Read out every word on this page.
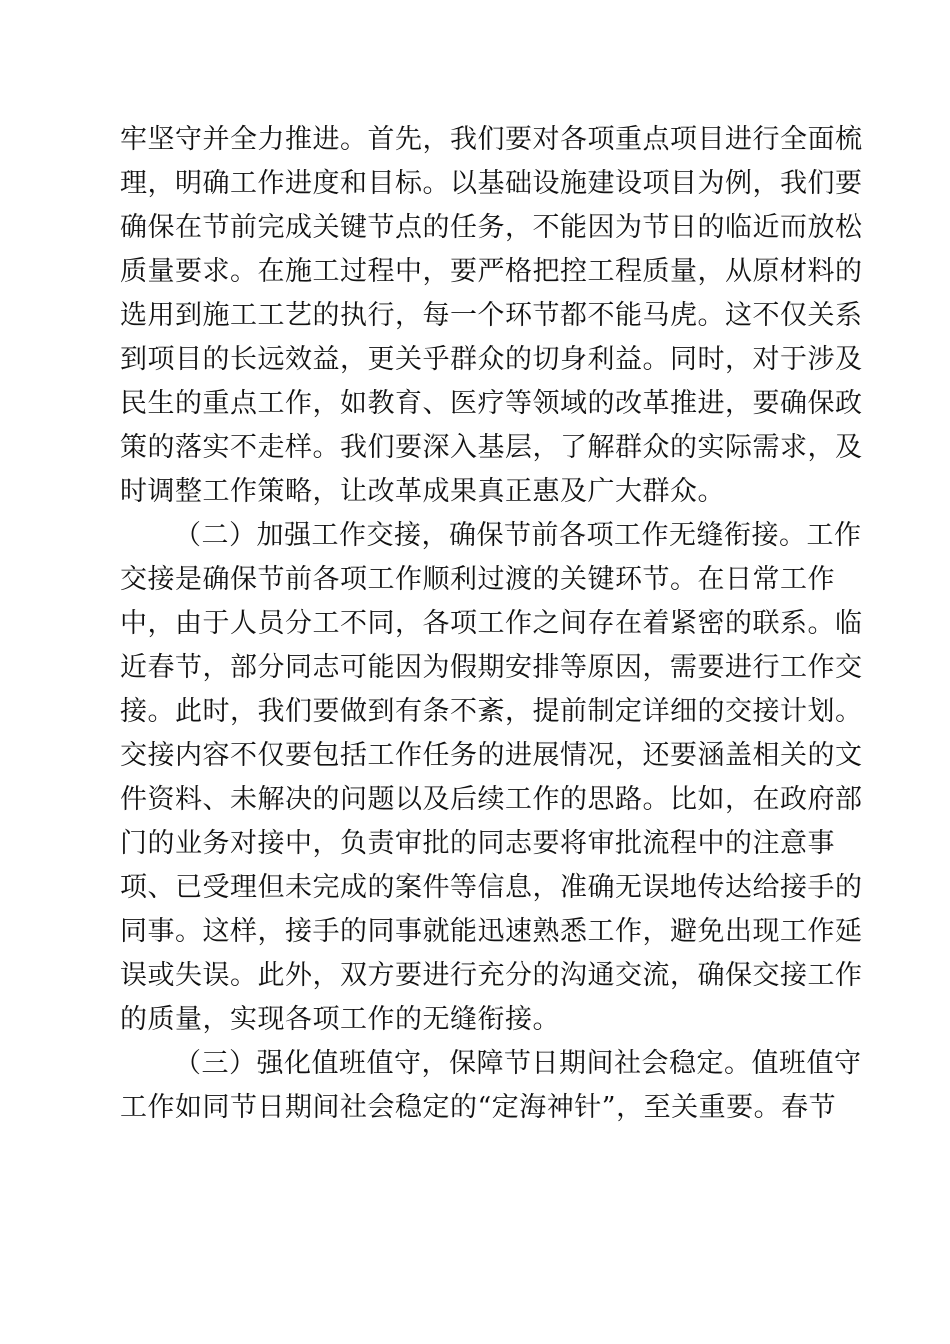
牢坚守并全力推进。首先，我们要对各项重点项目进行全面梳
理，明确工作进度和目标。以基础设施建设项目为例，我们要
确保在节前完成关键节点的任务，不能因为节日的临近而放松
质量要求。在施工过程中，要严格把控工程质量，从原材料的
选用到施工工艺的执行，每一个环节都不能马虎。这不仅关系
到项目的长远效益，更关乎群众的切身利益。同时，对于涉及
民生的重点工作，如教育、医疗等领域的改革推进，要确保政
策的落实不走样。我们要深入基层，了解群众的实际需求，及
时调整工作策略，让改革成果真正惠及广大群众。
（二）加强工作交接，确保节前各项工作无缝衔接。工作
交接是确保节前各项工作顺利过渡的关键环节。在日常工作
中，由于人员分工不同，各项工作之间存在着紧密的联系。临
近春节，部分同志可能因为假期安排等原因，需要进行工作交
接。此时，我们要做到有条不紊，提前制定详细的交接计划。
交接内容不仅要包括工作任务的进展情况，还要涵盖相关的文
件资料、未解决的问题以及后续工作的思路。比如，在政府部
门的业务对接中，负责审批的同志要将审批流程中的注意事
项、已受理但未完成的案件等信息，准确无误地传达给接手的
同事。这样，接手的同事就能迅速熟悉工作，避免出现工作延
误或失误。此外，双方要进行充分的沟通交流，确保交接工作
的质量，实现各项工作的无缝衔接。
（三）强化值班值守，保障节日期间社会稳定。值班值守
工作如同节日期间社会稳定的“定海神针”，至关重要。春节
